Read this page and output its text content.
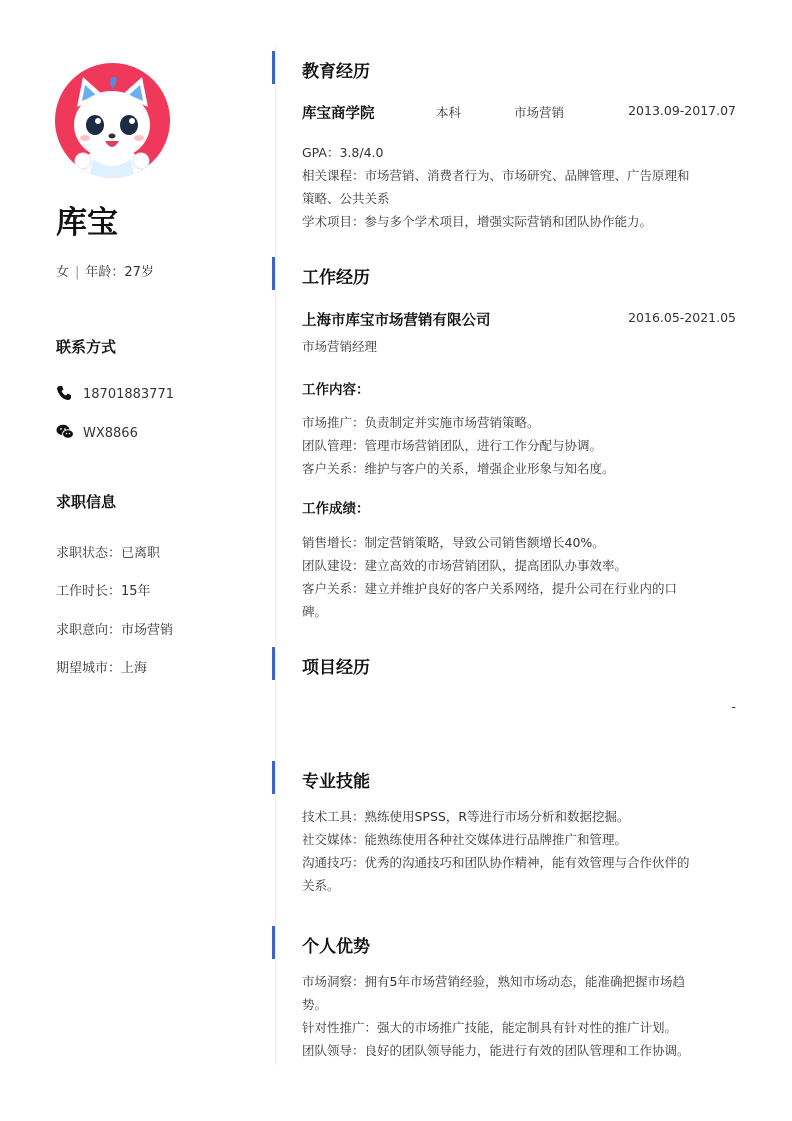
库宝
女 | 年龄：27岁
联系方式
18701883771
WX8866
求职信息
求职状态：已离职
工作时长：15年
求职意向：市场营销
期望城市：上海
教育经历
库宝商学院	本科	市场营销	2013.09-2017.07
GPA：3.8/4.0
相关课程：市场营销、消费者行为、市场研究、品牌管理、广告原理和
策略、公共关系
学术项目：参与多个学术项目，增强实际营销和团队协作能力。
工作经历
上海市库宝市场营销有限公司	2016.05-2021.05
市场营销经理
工作内容：
市场推广：负责制定并实施市场营销策略。
团队管理：管理市场营销团队，进行工作分配与协调。
客户关系：维护与客户的关系，增强企业形象与知名度。
工作成绩：
销售增长：制定营销策略，导致公司销售额增长40%。
团队建设：建立高效的市场营销团队，提高团队办事效率。
客户关系：建立并维护良好的客户关系网络，提升公司在行业内的口
碑。
项目经历
-
专业技能
技术工具：熟练使用SPSS，R等进行市场分析和数据挖掘。
社交媒体：能熟练使用各种社交媒体进行品牌推广和管理。
沟通技巧：优秀的沟通技巧和团队协作精神，能有效管理与合作伙伴的
关系。
个人优势
市场洞察：拥有5年市场营销经验，熟知市场动态，能准确把握市场趋
势。
针对性推广：强大的市场推广技能，能定制具有针对性的推广计划。
团队领导：良好的团队领导能力，能进行有效的团队管理和工作协调。
